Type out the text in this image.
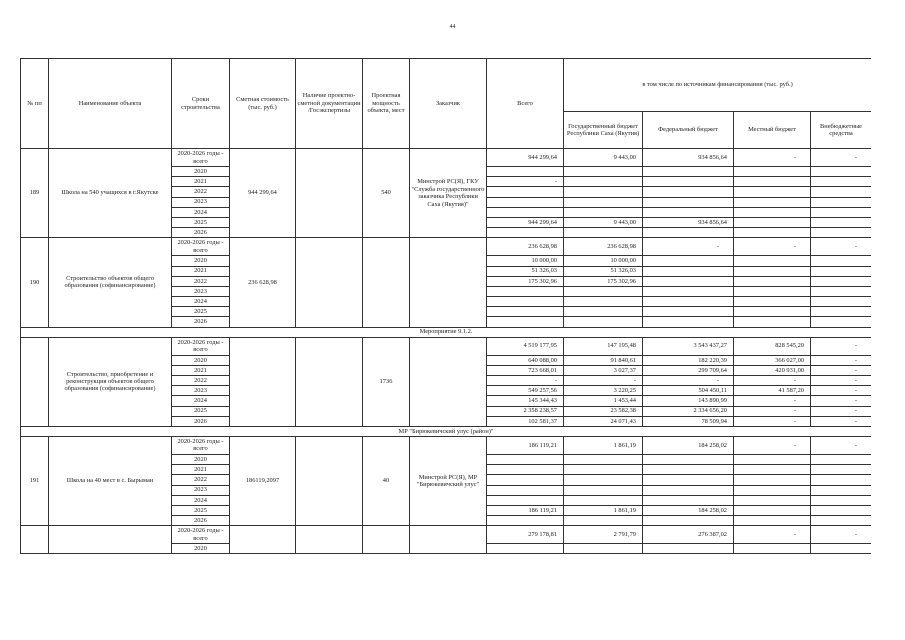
44
№ пп	Наименование объекта	Сроки строительства	Сметная стоимость (тыс. руб.)	Наличие проектно-сметной документации /Госэкспертизы	Проектная мощность объекта, мест	Заказчик	Всего	в том числе по источникам финансирования (тыс. руб.)			
								Государственный бюджет Республики Саха (Якутия)	Федеральный бюджет	Местный бюджет	Внебюджетные средства
189	Школа на 540 учащихся в г.Якутске	2020-2026 годы - всего	944 299,64		540	Минстрой РС(Я), ГКУ "Служба государственного заказчика Республики Саха (Якутия)"	944 299,64	9 443,00	934 856,64	-	-
		2020									
		2021					-				
		2022									
		2023									
		2024									
		2025					944 299,64	9 443,00	934 856,64		
		2026									
190	Строительство объектов общего образования (софинансирование)	2020-2026 годы - всего	236 628,98				236 628,98	236 628,98	-	-	-
		2020					10 000,00	10 000,00			
		2021					51 326,03	51 326,03			
		2022					175 302,96	175 302,96			
		2023									
		2024									
		2025									
		2026									
Мероприятие 9.1.2.											
	Строительство, приобретение и реконструкция объектов общего образования (софинансирование)	2020-2026 годы - всего			1736		4 519 177,95	147 195,48	3 543 437,27	828 545,20	-
		2020					640 088,00	91 840,61	182 220,39	366 027,00	-
		2021					723 668,01	3 027,37	299 709,64	420 931,00	-
		2022					-	-	-	-	-
		2023					549 257,56	3 220,25	504 450,11	41 587,20	-
		2024					145 344,43	1 453,44	143 890,99	-	-
		2025					2 358 238,57	23 582,38	2 334 656,20	-	-
		2026					102 581,37	24 071,43	78 509,94	-	-
МР "Бирюкевичский улус (район)"											
191	Школа на 40 мест в с. Бырыман	2020-2026 годы - всего	186119,2097		40	Минстрой РС(Я), МР "Бирюкевичский улус"	186 119,21	1 861,19	184 258,02	-	-
		2020									
		2021									
		2022									
		2023									
		2024									
		2025					186 119,21	1 861,19	184 258,02		
		2026									
		2020-2026 годы - всего					279 178,81	2 791,79	276 387,02	-	-
		2020									
